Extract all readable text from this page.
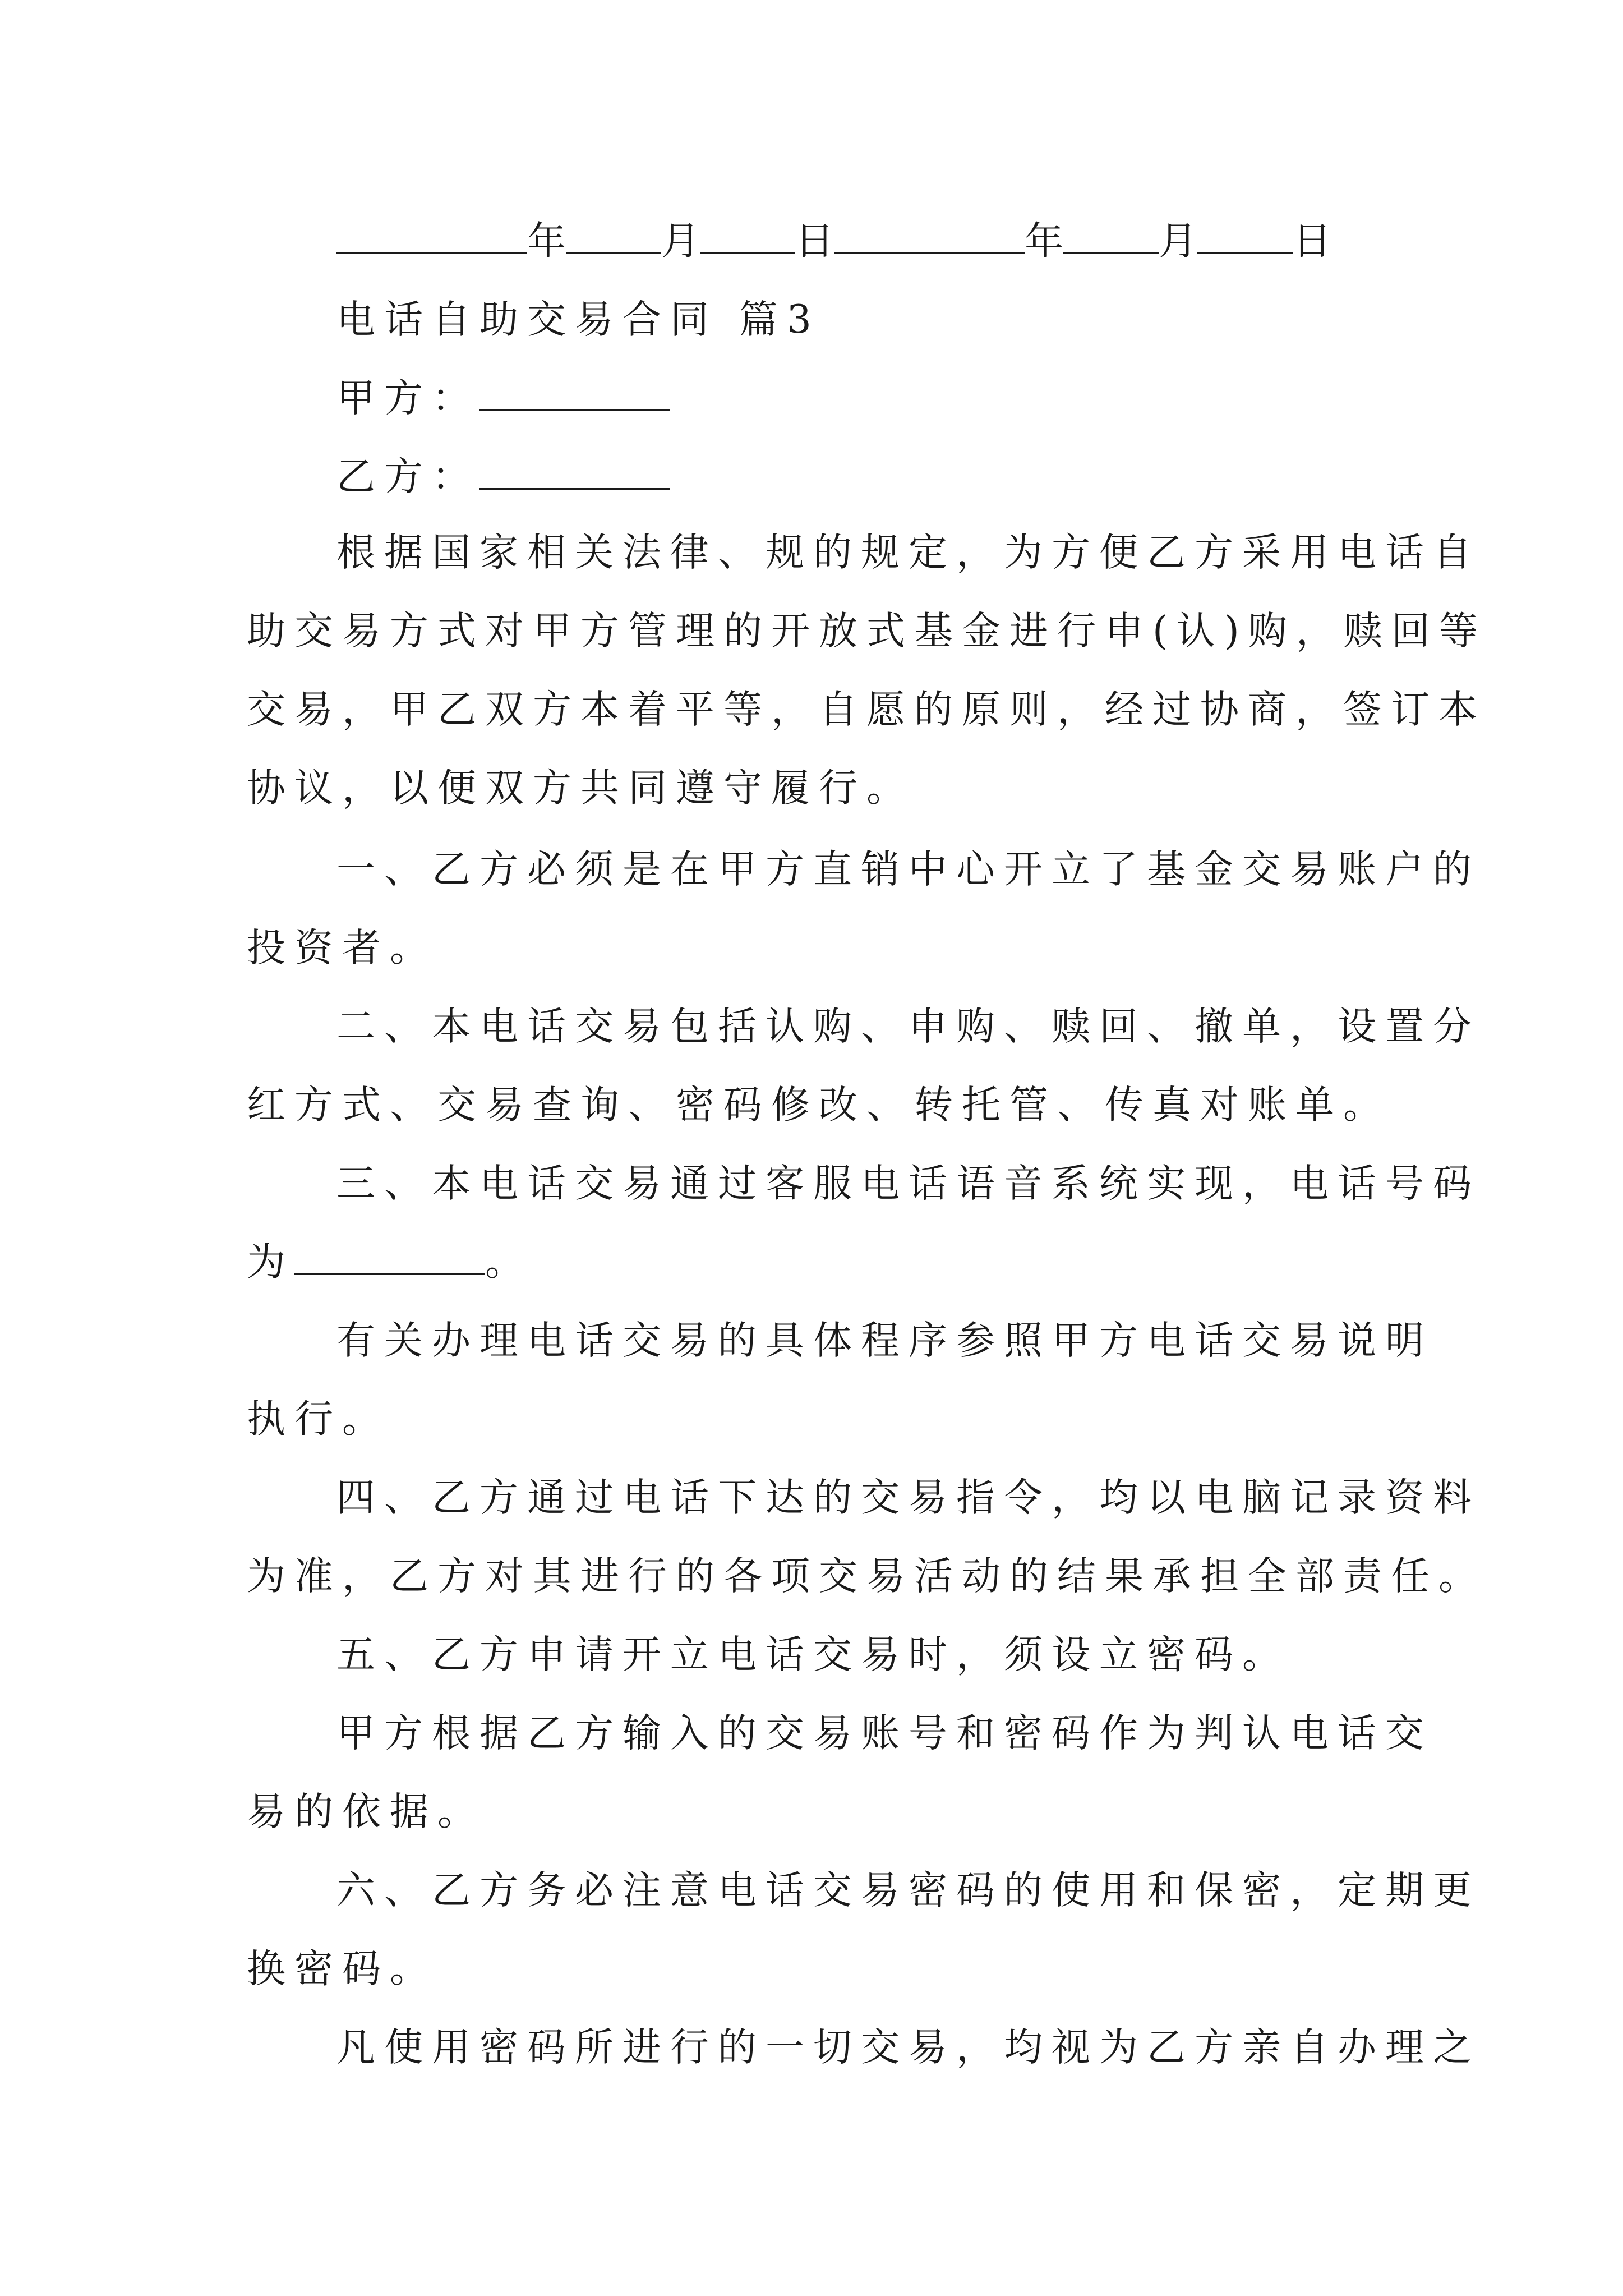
年 月 日	年 月 日
电话自助交易合同 篇3
甲方：
乙方：
根据国家相关法律、规的规定，为方便乙方采用电话自
助交易方式对甲方管理的开放式基金进行申(认)购，赎回等
交易，甲乙双方本着平等，自愿的原则，经过协商，签订本
协议，以便双方共同遵守履行。
一、乙方必须是在甲方直销中心开立了基金交易账户的
投资者。
二、本电话交易包括认购、申购、赎回、撤单，设置分
红方式、交易查询、密码修改、转托管、传真对账单。
三、本电话交易通过客服电话语音系统实现，电话号码
为	。
有关办理电话交易的具体程序参照甲方电话交易说明
执行。
四、乙方通过电话下达的交易指令，均以电脑记录资料
为准，乙方对其进行的各项交易活动的结果承担全部责任。
五、乙方申请开立电话交易时，须设立密码。
甲方根据乙方输入的交易账号和密码作为判认电话交
易的依据。
六、乙方务必注意电话交易密码的使用和保密，定期更
换密码。
凡使用密码所进行的一切交易，均视为乙方亲自办理之
